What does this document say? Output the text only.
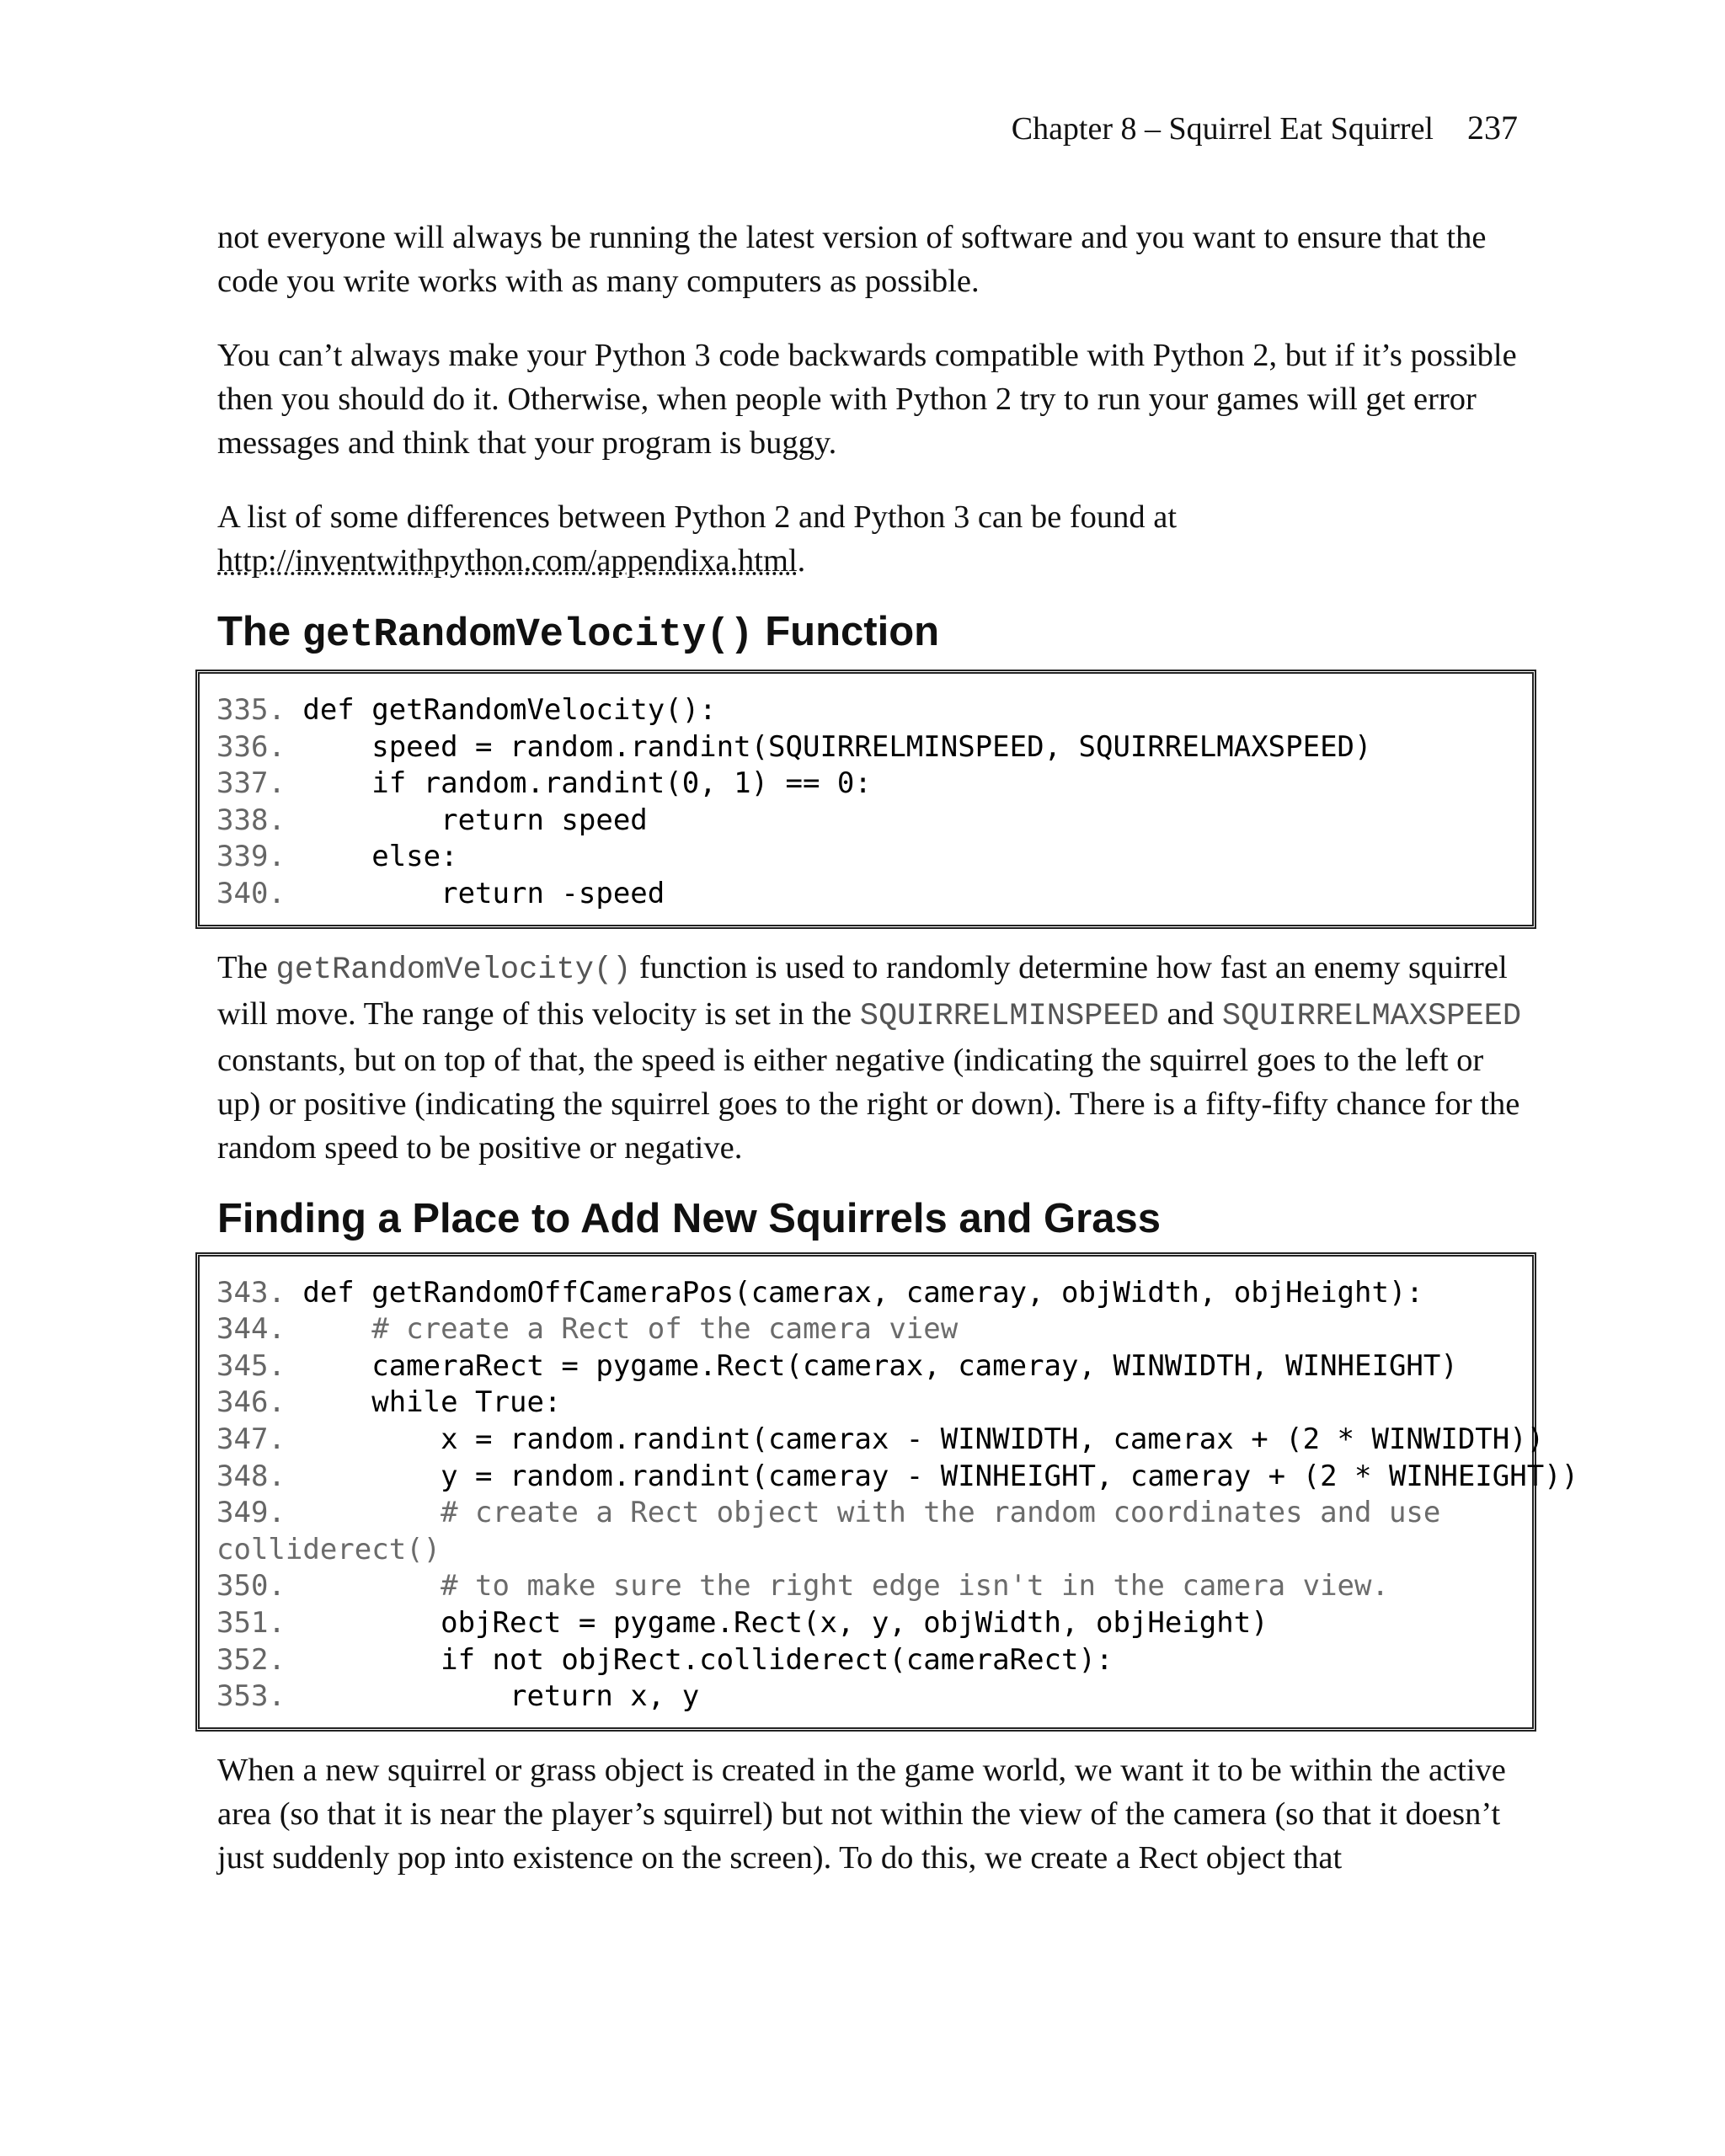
Chapter 8 – Squirrel Eat Squirrel 237

not everyone will always be running the latest version of software and you want to ensure that the code you write works with as many computers as possible.

You can’t always make your Python 3 code backwards compatible with Python 2, but if it’s possible then you should do it. Otherwise, when people with Python 2 try to run your games will get error messages and think that your program is buggy.

A list of some differences between Python 2 and Python 3 can be found at http://inventwithpython.com/appendixa.html.

The getRandomVelocity() Function
335. def getRandomVelocity():
336.     speed = random.randint(SQUIRRELMINSPEED, SQUIRRELMAXSPEED)
337.     if random.randint(0, 1) == 0:
338.         return speed
339.     else:
340.         return -speed

The getRandomVelocity() function is used to randomly determine how fast an enemy squirrel will move. The range of this velocity is set in the SQUIRRELMINSPEED and SQUIRRELMAXSPEED constants, but on top of that, the speed is either negative (indicating the squirrel goes to the left or up) or positive (indicating the squirrel goes to the right or down). There is a fifty-fifty chance for the random speed to be positive or negative.

Finding a Place to Add New Squirrels and Grass
343. def getRandomOffCameraPos(camerax, cameray, objWidth, objHeight):
344.     # create a Rect of the camera view
345.     cameraRect = pygame.Rect(camerax, cameray, WINWIDTH, WINHEIGHT)
346.     while True:
347.         x = random.randint(camerax - WINWIDTH, camerax + (2 * WINWIDTH))
348.         y = random.randint(cameray - WINHEIGHT, cameray + (2 * WINHEIGHT))
349.         # create a Rect object with the random coordinates and use
colliderect()
350.         # to make sure the right edge isn't in the camera view.
351.         objRect = pygame.Rect(x, y, objWidth, objHeight)
352.         if not objRect.colliderect(cameraRect):
353.             return x, y

When a new squirrel or grass object is created in the game world, we want it to be within the active area (so that it is near the player’s squirrel) but not within the view of the camera (so that it doesn’t just suddenly pop into existence on the screen). To do this, we create a Rect object that
